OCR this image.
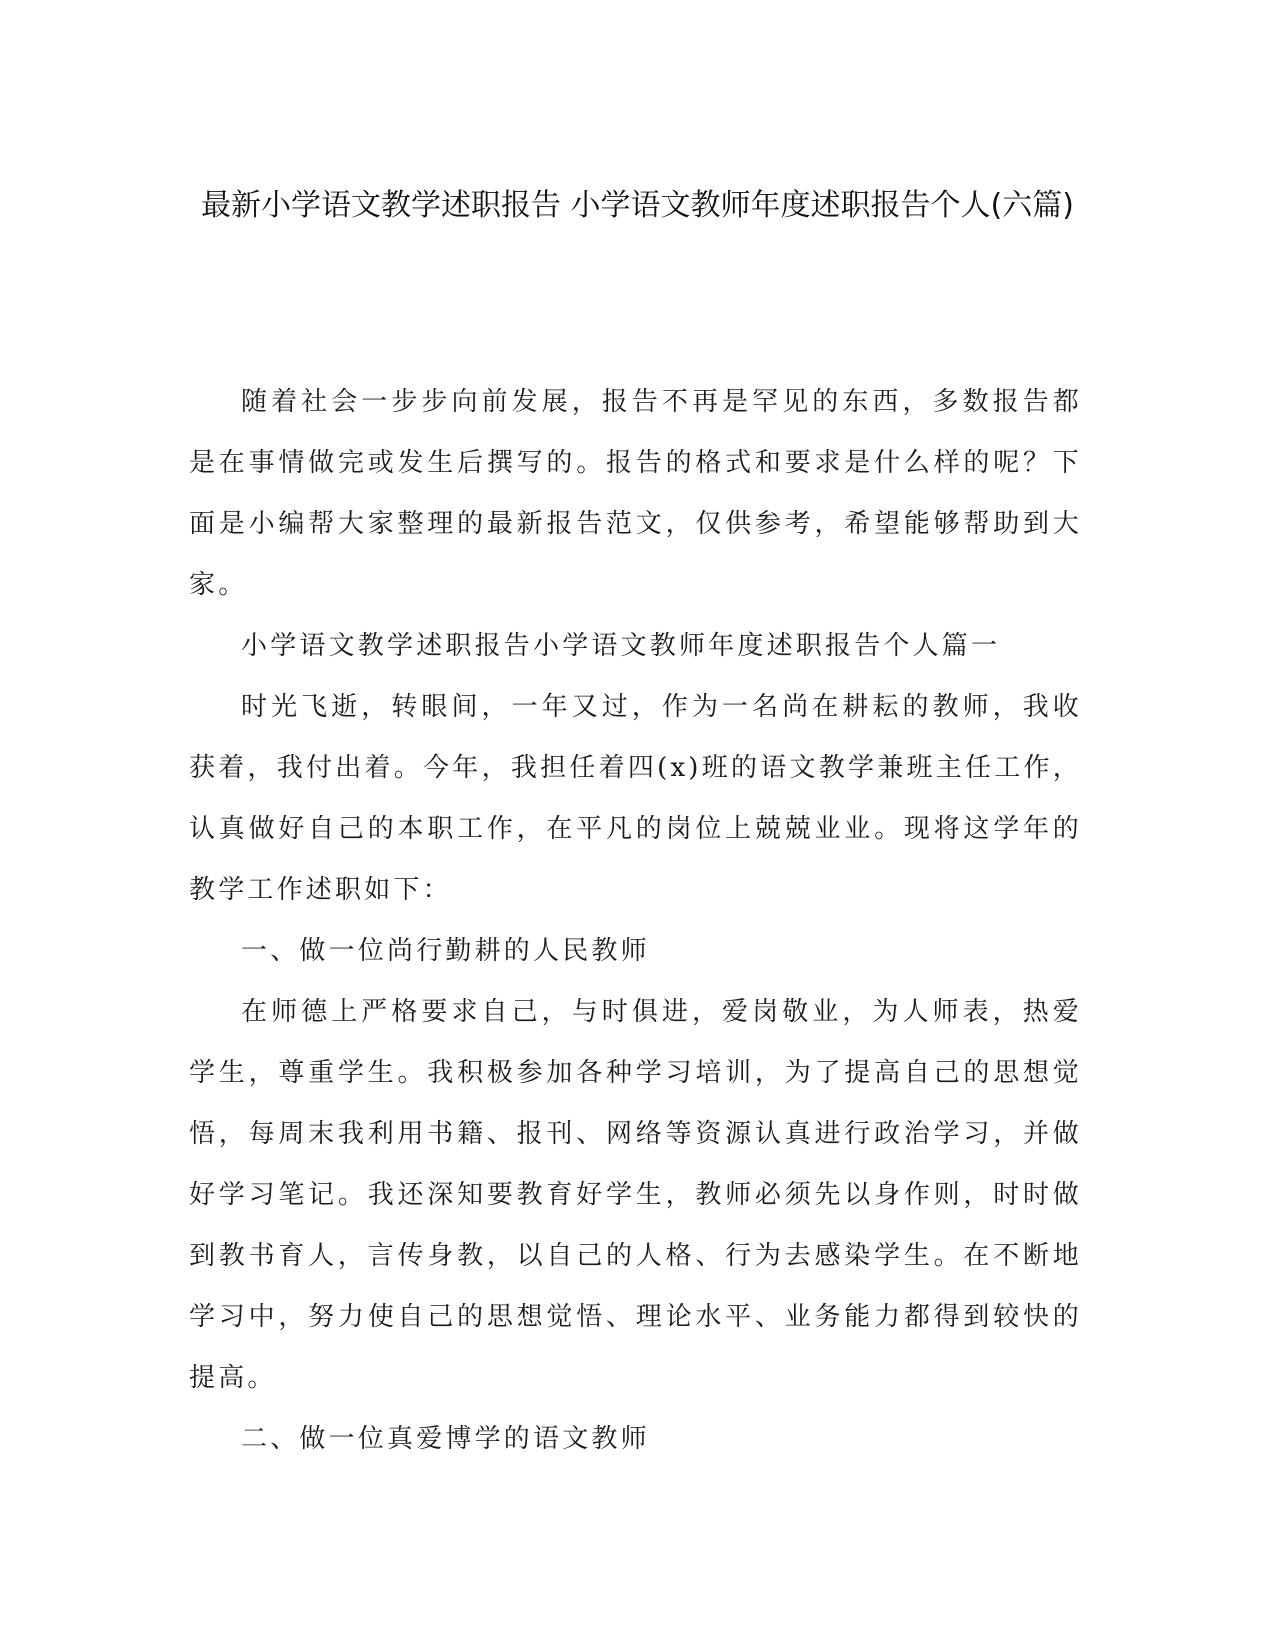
最新小学语文教学述职报告 小学语文教师年度述职报告个人(六篇)

随着社会一步步向前发展，报告不再是罕见的东西，多数报告都是在事情做完或发生后撰写的。报告的格式和要求是什么样的呢？下面是小编帮大家整理的最新报告范文，仅供参考，希望能够帮助到大家。

小学语文教学述职报告小学语文教师年度述职报告个人篇一

时光飞逝，转眼间，一年又过，作为一名尚在耕耘的教师，我收获着，我付出着。今年，我担任着四(x)班的语文教学兼班主任工作，认真做好自己的本职工作，在平凡的岗位上兢兢业业。现将这学年的教学工作述职如下：

一、做一位尚行勤耕的人民教师

在师德上严格要求自己，与时俱进，爱岗敬业，为人师表，热爱学生，尊重学生。我积极参加各种学习培训，为了提高自己的思想觉悟，每周末我利用书籍、报刊、网络等资源认真进行政治学习，并做好学习笔记。我还深知要教育好学生，教师必须先以身作则，时时做到教书育人，言传身教，以自己的人格、行为去感染学生。在不断地学习中，努力使自己的思想觉悟、理论水平、业务能力都得到较快的提高。

二、做一位真爱博学的语文教师
